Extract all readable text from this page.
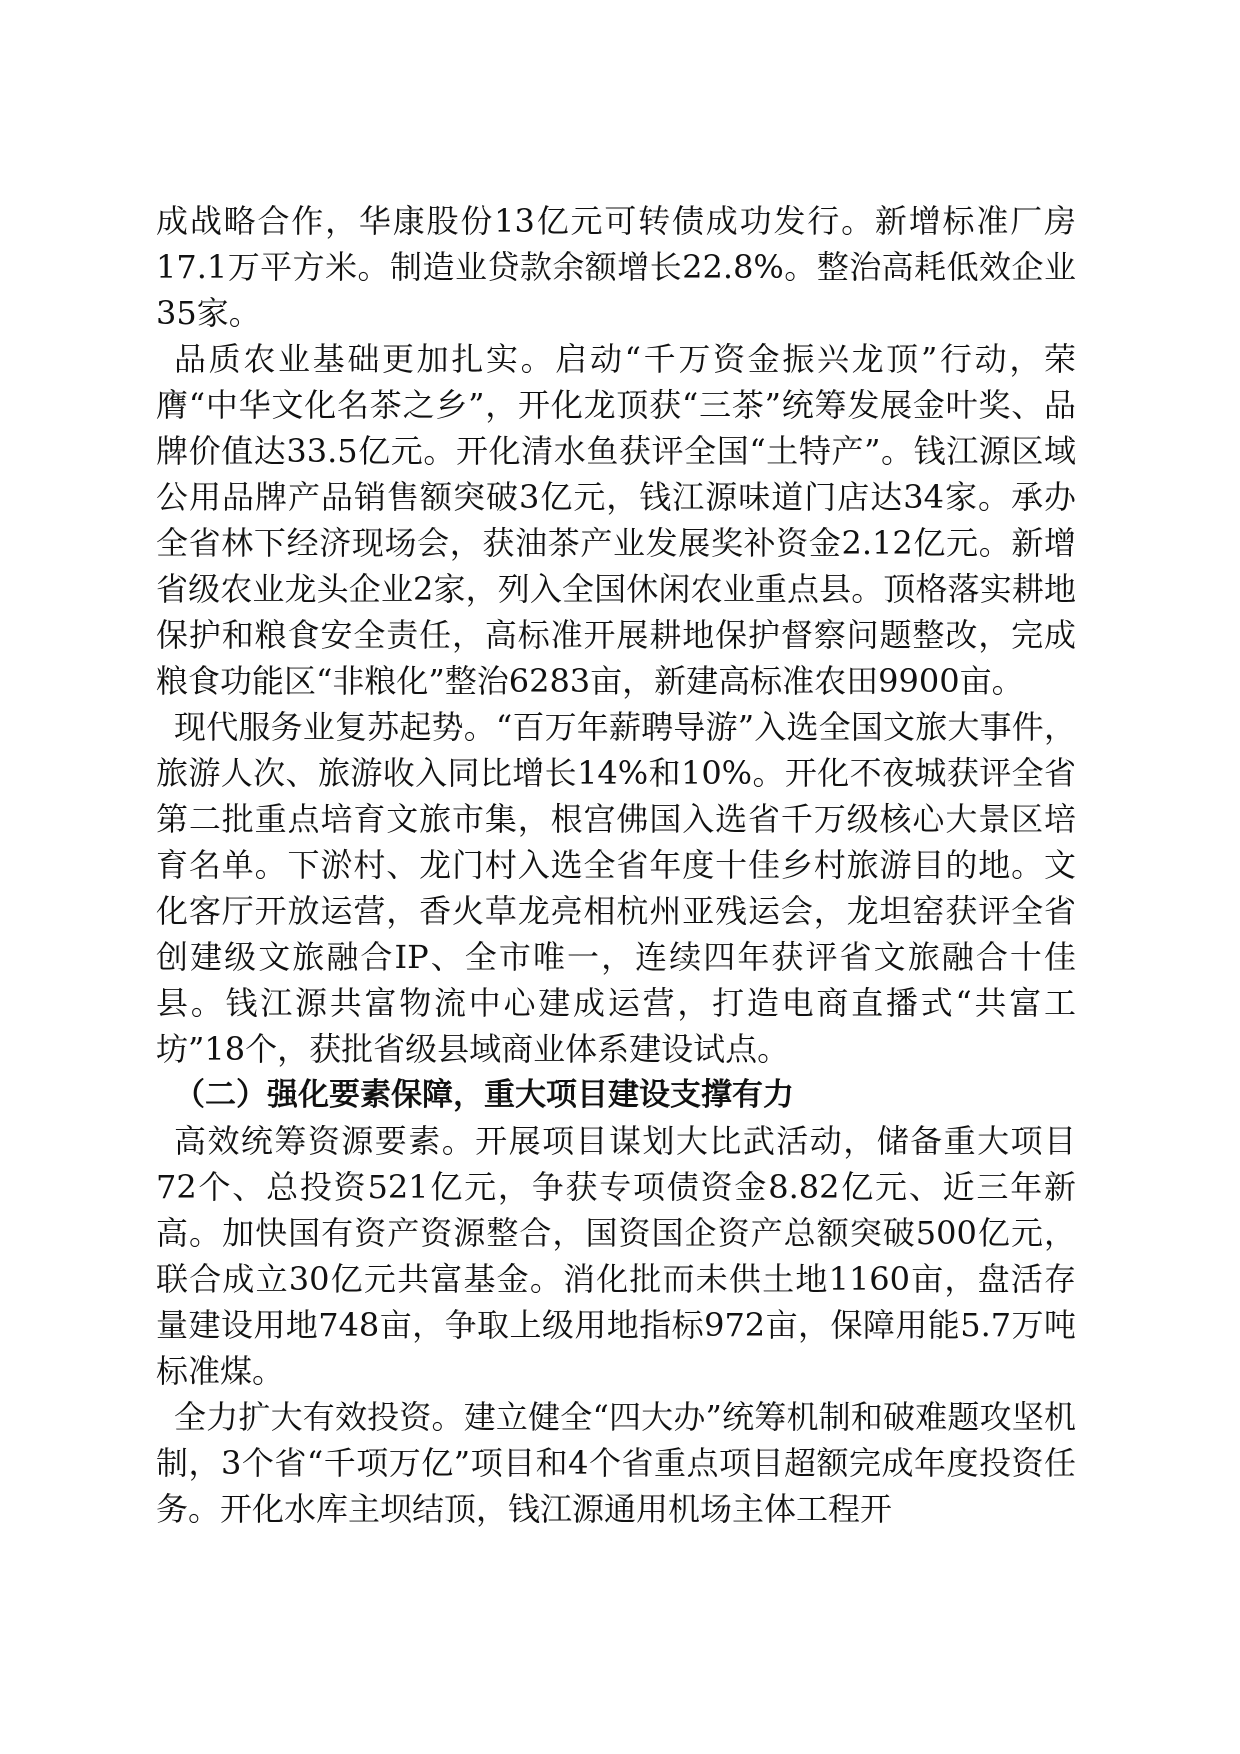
成战略合作，华康股份13亿元可转债成功发行。新增标准厂房17.1万平方米。制造业贷款余额增长22.8%。整治高耗低效企业35家。

品质农业基础更加扎实。启动“千万资金振兴龙顶”行动，荣膺“中华文化名茶之乡”，开化龙顶获“三茶”统筹发展金叶奖、品牌价值达33.5亿元。开化清水鱼获评全国“土特产”。钱江源区域公用品牌产品销售额突破3亿元，钱江源味道门店达34家。承办全省林下经济现场会，获油茶产业发展奖补资金2.12亿元。新增省级农业龙头企业2家，列入全国休闲农业重点县。顶格落实耕地保护和粮食安全责任，高标准开展耕地保护督察问题整改，完成粮食功能区“非粮化”整治6283亩，新建高标准农田9900亩。

现代服务业复苏起势。“百万年薪聘导游”入选全国文旅大事件，旅游人次、旅游收入同比增长14%和10%。开化不夜城获评全省第二批重点培育文旅市集，根宫佛国入选省千万级核心大景区培育名单。下淤村、龙门村入选全省年度十佳乡村旅游目的地。文化客厅开放运营，香火草龙亮相杭州亚残运会，龙坦窑获评全省创建级文旅融合IP、全市唯一，连续四年获评省文旅融合十佳县。钱江源共富物流中心建成运营，打造电商直播式“共富工坊”18个，获批省级县域商业体系建设试点。

（二）强化要素保障，重大项目建设支撑有力

高效统筹资源要素。开展项目谋划大比武活动，储备重大项目72个、总投资521亿元，争获专项债资金8.82亿元、近三年新高。加快国有资产资源整合，国资国企资产总额突破500亿元，联合成立30亿元共富基金。消化批而未供土地1160亩，盘活存量建设用地748亩，争取上级用地指标972亩，保障用能5.7万吨标准煤。

全力扩大有效投资。建立健全“四大办”统筹机制和破难题攻坚机制，3个省“千项万亿”项目和4个省重点项目超额完成年度投资任务。开化水库主坝结顶，钱江源通用机场主体工程开
